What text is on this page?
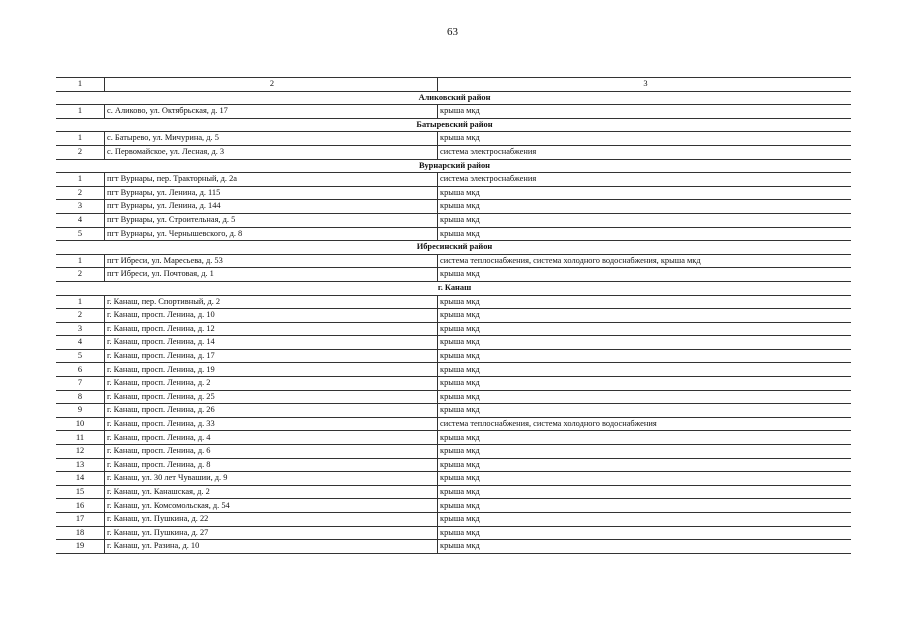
63
1	2	3
Аликовский район		
1	с. Аликово, ул. Октябрьская, д. 17	крыша мкд
Батыревский район		
1	с. Батырево, ул. Мичурина, д. 5	крыша мкд
2	с. Первомайское, ул. Лесная, д. 3	система электроснабжения
Вурнарский район		
1	пгт Вурнары, пер. Тракторный, д. 2а	система электроснабжения
2	пгт Вурнары, ул. Ленина, д. 115	крыша мкд
3	пгт Вурнары, ул. Ленина, д. 144	крыша мкд
4	пгт Вурнары, ул. Строительная, д. 5	крыша мкд
5	пгт Вурнары, ул. Чернышевского, д. 8	крыша мкд
Ибресинский район		
1	пгт Ибреси, ул. Маресьева, д. 53	система теплоснабжения, система холодного водоснабжения, крыша мкд
2	пгт Ибреси, ул. Почтовая, д. 1	крыша мкд
г. Канаш		
1	г. Канаш, пер. Спортивный, д. 2	крыша мкд
2	г. Канаш, просп. Ленина, д. 10	крыша мкд
3	г. Канаш, просп. Ленина, д. 12	крыша мкд
4	г. Канаш, просп. Ленина, д. 14	крыша мкд
5	г. Канаш, просп. Ленина, д. 17	крыша мкд
6	г. Канаш, просп. Ленина, д. 19	крыша мкд
7	г. Канаш, просп. Ленина, д. 2	крыша мкд
8	г. Канаш, просп. Ленина, д. 25	крыша мкд
9	г. Канаш, просп. Ленина, д. 26	крыша мкд
10	г. Канаш, просп. Ленина, д. 33	система теплоснабжения, система холодного водоснабжения
11	г. Канаш, просп. Ленина, д. 4	крыша мкд
12	г. Канаш, просп. Ленина, д. 6	крыша мкд
13	г. Канаш, просп. Ленина, д. 8	крыша мкд
14	г. Канаш, ул. 30 лет Чувашии, д. 9	крыша мкд
15	г. Канаш, ул. Канашская, д. 2	крыша мкд
16	г. Канаш, ул. Комсомольская, д. 54	крыша мкд
17	г. Канаш, ул. Пушкина, д. 22	крыша мкд
18	г. Канаш, ул. Пушкина, д. 27	крыша мкд
19	г. Канаш, ул. Разина, д. 10	крыша мкд
